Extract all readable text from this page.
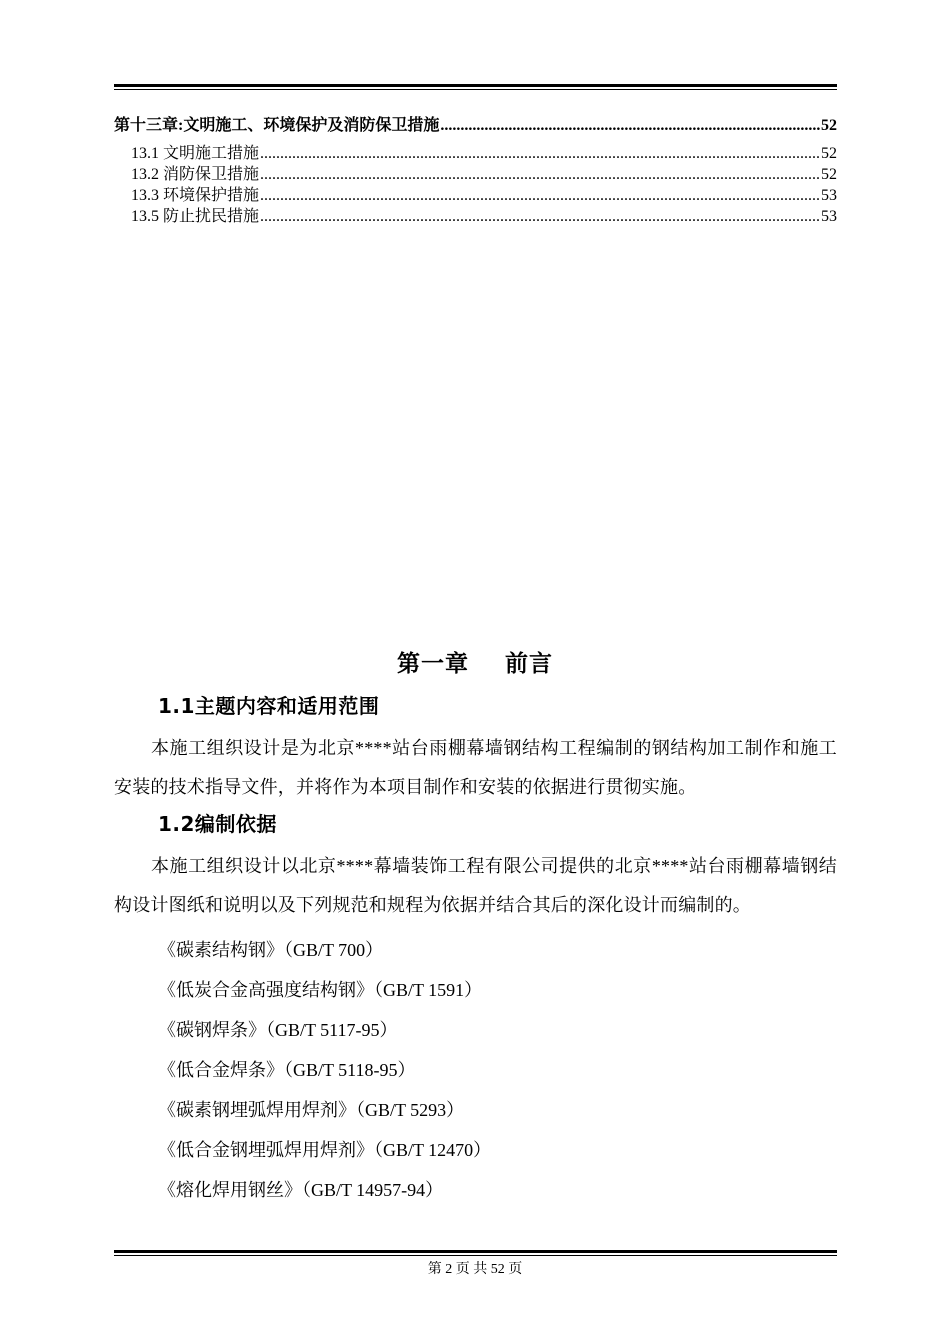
第十三章:文明施工、环境保护及消防保卫措施 .....	52
13.1 文明施工措施 .....	52
13.2 消防保卫措施 .....	52
13.3 环境保护措施 .....	53
13.5 防止扰民措施 .....	53
第一章    前言
1.1主题内容和适用范围
本施工组织设计是为北京****站台雨棚幕墙钢结构工程编制的钢结构加工制作和施工安装的技术指导文件，并将作为本项目制作和安装的依据进行贯彻实施。
1.2编制依据
本施工组织设计以北京****幕墙装饰工程有限公司提供的北京****站台雨棚幕墙钢结构设计图纸和说明以及下列规范和规程为依据并结合其后的深化设计而编制的。
《碳素结构钢》（GB/T 700）
《低炭合金高强度结构钢》（GB/T 1591）
《碳钢焊条》（GB/T 5117-95）
《低合金焊条》（GB/T 5118-95）
《碳素钢埋弧焊用焊剂》（GB/T 5293）
《低合金钢埋弧焊用焊剂》（GB/T 12470）
《熔化焊用钢丝》（GB/T 14957-94）
第 2 页 共 52 页
